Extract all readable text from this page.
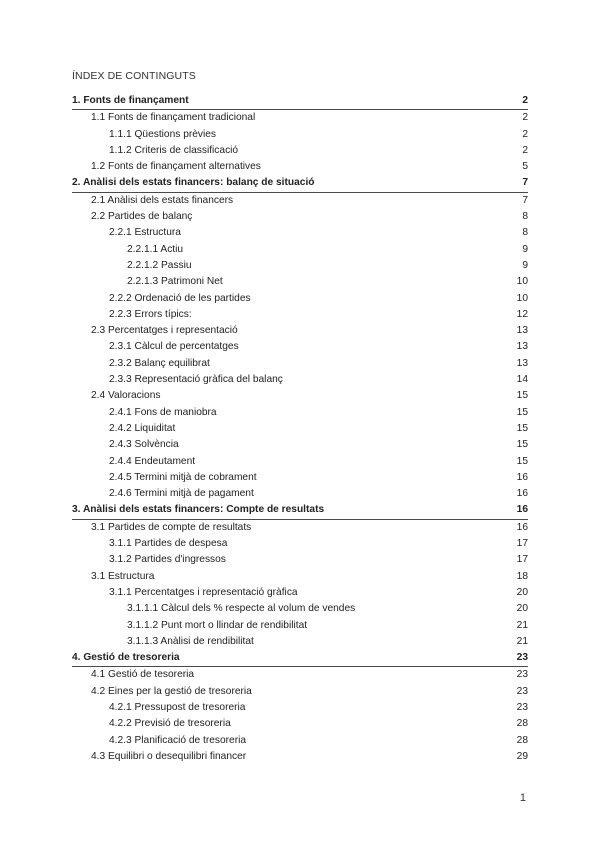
ÍNDEX DE CONTINGUTS
1. Fonts de finançament	2
1.1 Fonts de finançament tradicional	2
1.1.1 Qüestions prèvies	2
1.1.2 Criteris de classificació	2
1.2 Fonts de finançament alternatives	5
2. Anàlisi dels estats financers: balanç de situació	7
2.1 Anàlisi dels estats financers	7
2.2 Partides de balanç	8
2.2.1 Estructura	8
2.2.1.1 Actiu	9
2.2.1.2 Passiu	9
2.2.1.3 Patrimoni Net	10
2.2.2 Ordenació de les partides	10
2.2.3 Errors típics:	12
2.3 Percentatges i representació	13
2.3.1 Càlcul de percentatges	13
2.3.2 Balanç equilibrat	13
2.3.3 Representació gràfica del balanç	14
2.4 Valoracions	15
2.4.1 Fons de maniobra	15
2.4.2 Liquiditat	15
2.4.3 Solvència	15
2.4.4 Endeutament	15
2.4.5 Termini mitjà de cobrament	16
2.4.6 Termini mitjà de pagament	16
3. Anàlisi dels estats financers: Compte de resultats	16
3.1 Partides de compte de resultats	16
3.1.1 Partides de despesa	17
3.1.2 Partides d'ingressos	17
3.1 Estructura	18
3.1.1 Percentatges i representació gràfica	20
3.1.1.1 Càlcul dels % respecte al volum de vendes	20
3.1.1.2 Punt mort o llindar de rendibilitat	21
3.1.1.3 Anàlisi de rendibilitat	21
4. Gestió de tresoreria	23
4.1 Gestió de tesoreria	23
4.2 Eines per la gestió de tresoreria	23
4.2.1 Pressupost de tresoreria	23
4.2.2 Previsió de tresoreria	28
4.2.3 Planificació de tresoreria	28
4.3 Equilibri o desequilibri financer	29
1
